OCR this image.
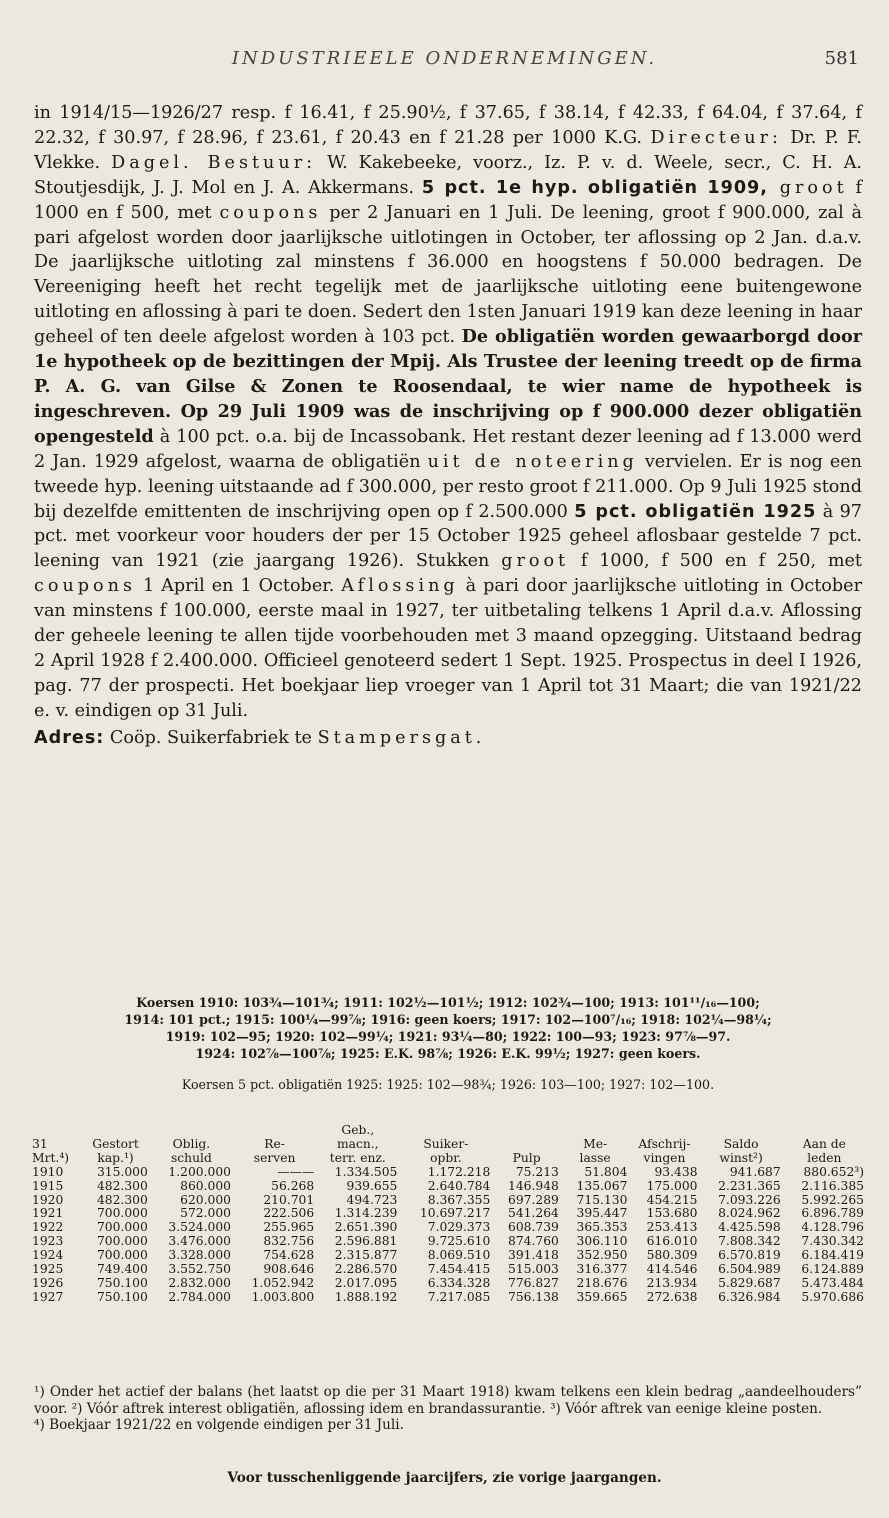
INDUSTRIEELE ONDERNEMINGEN.	581

in 1914/15—1926/27 resp. f 16.41, f 25.90½, f 37.65, f 38.14, f 42.33, f 64.04, f 37.64, f 22.32, f 30.97, f 28.96, f 23.61, f 20.43 en f 21.28 per 1000 K.G. Directeur: Dr. P. F. Vlekke. Dagel. Bestuur: W. Kakebeeke, voorz., Iz. P. v. d. Weele, secr., C. H. A. Stoutjesdijk, J. J. Mol en J. A. Akkermans. 5 pct. 1e hyp. obligatiën 1909, groot f 1000 en f 500, met coupons per 2 Januari en 1 Juli. De leening, groot f 900.000, zal à pari afgelost worden door jaarlijksche uitlotingen in October, ter aflossing op 2 Jan. d.a.v. De jaarlijksche uitloting zal minstens f 36.000 en hoogstens f 50.000 bedragen. De Vereeniging heeft het recht tegelijk met de jaarlijksche uitloting eene buitengewone uitloting en aflossing à pari te doen. Sedert den 1sten Januari 1919 kan deze leening in haar geheel of ten deele afgelost worden à 103 pct. De obligatiën worden gewaarborgd door 1e hypotheek op de bezittingen der Mpij. Als Trustee der leening treedt op de firma P. A. G. van Gilse & Zonen te Roosendaal, te wier name de hypotheek is ingeschreven. Op 29 Juli 1909 was de inschrijving op f 900.000 dezer obligatiën opengesteld à 100 pct. o.a. bij de Incassobank. Het restant dezer leening ad f 13.000 werd 2 Jan. 1929 afgelost, waarna de obligatiën uit de noteering vervielen. Er is nog een tweede hyp. leening uitstaande ad f 300.000, per resto groot f 211.000. Op 9 Juli 1925 stond bij dezelfde emittenten de inschrijving open op f 2.500.000 5 pct. obligatiën 1925 à 97 pct. met voorkeur voor houders der per 15 October 1925 geheel aflosbaar gestelde 7 pct. leening van 1921 (zie jaargang 1926). Stukken groot f 1000, f 500 en f 250, met coupons 1 April en 1 October. Aflossing à pari door jaarlijksche uitloting in October van minstens f 100.000, eerste maal in 1927, ter uitbetaling telkens 1 April d.a.v. Aflossing der geheele leening te allen tijde voorbehouden met 3 maand opzegging. Uitstaand bedrag 2 April 1928 f 2.400.000. Officieel genoteerd sedert 1 Sept. 1925. Prospectus in deel I 1926, pag. 77 der prospecti. Het boekjaar liep vroeger van 1 April tot 31 Maart; die van 1921/22 e. v. eindigen op 31 Juli.

Adres: Coöp. Suikerfabriek te Stampersgat.

Koersen 1910: 103¾—101¾; 1911: 102½—101½; 1912: 102¾—100; 1913: 101¹¹/₁₆—100;
1914: 101 pct.; 1915: 100¼—99⅞; 1916: geen koers; 1917: 102—100⁷/₁₆; 1918: 102¼—98¼;
1919: 102—95; 1920: 102—99¼; 1921: 93¼—80; 1922: 100—93; 1923: 97⅞—97.
1924: 102⅞—100⅞; 1925: E.K. 98⅞; 1926: E.K. 99½; 1927: geen koers.
Koersen 5 pct. obligatiën 1925: 1925: 102—98¾; 1926: 103—100; 1927: 102—100.
				Geb.,						
31	Gestort	Oblig.	Re-	macn.,	Suiker-		Me-	Afschrij-	Saldo	Aan de
Mrt.⁴)	kap.¹)	schuld	serven	terr. enz.	opbr.	Pulp	lasse	vingen	winst²)	leden
1910	315.000	1.200.000	———	1.334.505	1.172.218	75.213	51.804	93.438	941.687	880.652³)
1915	482.300	860.000	56.268	939.655	2.640.784	146.948	135.067	175.000	2.231.365	2.116.385
1920	482.300	620.000	210.701	494.723	8.367.355	697.289	715.130	454.215	7.093.226	5.992.265
1921	700.000	572.000	222.506	1.314.239	10.697.217	541.264	395.447	153.680	8.024.962	6.896.789
1922	700.000	3.524.000	255.965	2.651.390	7.029.373	608.739	365.353	253.413	4.425.598	4.128.796
1923	700.000	3.476.000	832.756	2.596.881	9.725.610	874.760	306.110	616.010	7.808.342	7.430.342
1924	700.000	3.328.000	754.628	2.315.877	8.069.510	391.418	352.950	580.309	6.570.819	6.184.419
1925	749.400	3.552.750	908.646	2.286.570	7.454.415	515.003	316.377	414.546	6.504.989	6.124.889
1926	750.100	2.832.000	1.052.942	2.017.095	6.334.328	776.827	218.676	213.934	5.829.687	5.473.484
1927	750.100	2.784.000	1.003.800	1.888.192	7.217.085	756.138	359.665	272.638	6.326.984	5.970.686

¹) Onder het actief der balans (het laatst op die per 31 Maart 1918) kwam telkens een klein bedrag „aandeelhouders” voor. ²) Vóór aftrek interest obligatiën, aflossing idem en brandassurantie. ³) Vóór aftrek van eenige kleine posten.

⁴) Boekjaar 1921/22 en volgende eindigen per 31 Juli.

Voor tusschenliggende jaarcijfers, zie vorige jaargangen.
